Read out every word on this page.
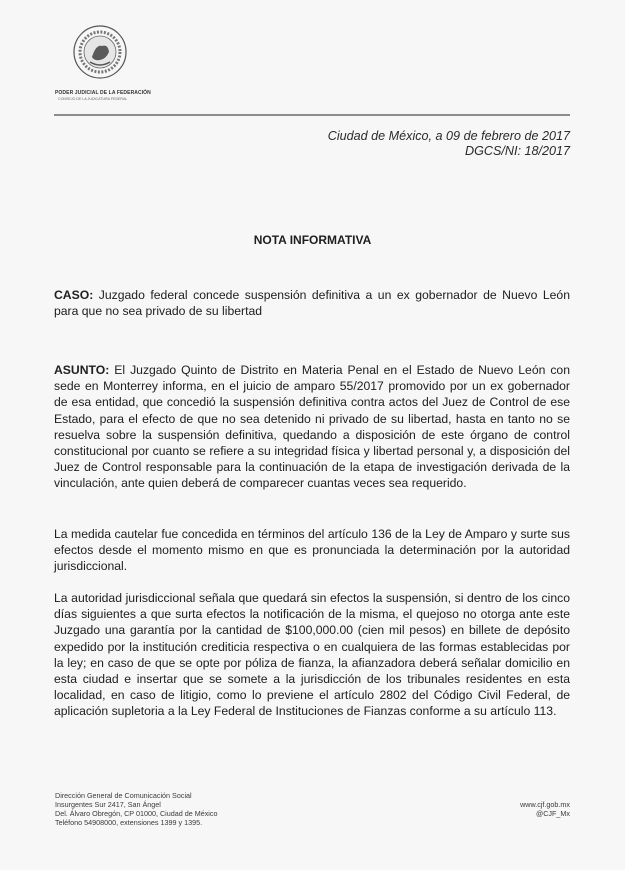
PODER JUDICIAL DE LA FEDERACIÓN
CONSEJO DE LA JUDICATURA FEDERAL
Ciudad de México, a 09 de febrero de 2017
DGCS/NI: 18/2017
NOTA INFORMATIVA

CASO: Juzgado federal concede suspensión definitiva a un ex gobernador de Nuevo León para que no sea privado de su libertad

ASUNTO: El Juzgado Quinto de Distrito en Materia Penal en el Estado de Nuevo León con sede en Monterrey informa, en el juicio de amparo 55/2017 promovido por un ex gobernador de esa entidad, que concedió la suspensión definitiva contra actos del Juez de Control de ese Estado, para el efecto de que no sea detenido ni privado de su libertad, hasta en tanto no se resuelva sobre la suspensión definitiva, quedando a disposición de este órgano de control constitucional por cuanto se refiere a su integridad física y libertad personal y, a disposición del Juez de Control responsable para la continuación de la etapa de investigación derivada de la vinculación, ante quien deberá de comparecer cuantas veces sea requerido.

La medida cautelar fue concedida en términos del artículo 136 de la Ley de Amparo y surte sus efectos desde el momento mismo en que es pronunciada la determinación por la autoridad jurisdiccional.

La autoridad jurisdiccional señala que quedará sin efectos la suspensión, si dentro de los cinco días siguientes a que surta efectos la notificación de la misma, el quejoso no otorga ante este Juzgado una garantía por la cantidad de $100,000.00 (cien mil pesos) en billete de depósito expedido por la institución crediticia respectiva o en cualquiera de las formas establecidas por la ley; en caso de que se opte por póliza de fianza, la afianzadora deberá señalar domicilio en esta ciudad e insertar que se somete a la jurisdicción de los tribunales residentes en esta localidad, en caso de litigio, como lo previene el artículo 2802 del Código Civil Federal, de aplicación supletoria a la Ley Federal de Instituciones de Fianzas conforme a su artículo 113.

Dirección General de Comunicación Social
Insurgentes Sur 2417, San Ángel
Del. Álvaro Obregón, CP 01000, Ciudad de México
Teléfono 54908000, extensiones 1399 y 1395.
www.cjf.gob.mx
@CJF_Mx
